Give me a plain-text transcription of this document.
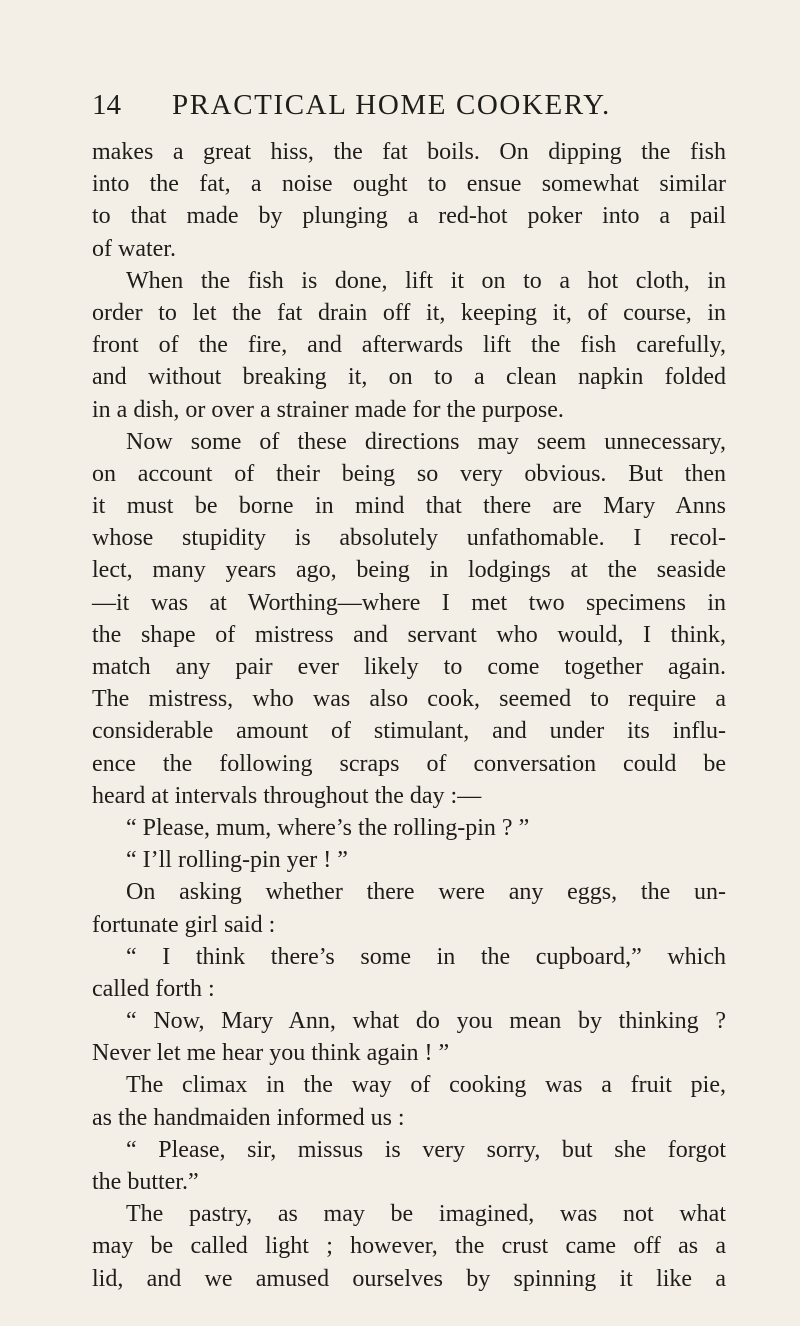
14 PRACTICAL HOME COOKERY.
makes a great hiss, the fat boils. On dipping the fish
into the fat, a noise ought to ensue somewhat similar
to that made by plunging a red-hot poker into a pail
of water.
When the fish is done, lift it on to a hot cloth, in
order to let the fat drain off it, keeping it, of course, in
front of the fire, and afterwards lift the fish carefully,
and without breaking it, on to a clean napkin folded
in a dish, or over a strainer made for the purpose.
Now some of these directions may seem unnecessary,
on account of their being so very obvious. But then
it must be borne in mind that there are Mary Anns
whose stupidity is absolutely unfathomable. I recol-
lect, many years ago, being in lodgings at the seaside
—it was at Worthing—where I met two specimens in
the shape of mistress and servant who would, I think,
match any pair ever likely to come together again.
The mistress, who was also cook, seemed to require a
considerable amount of stimulant, and under its influ-
ence the following scraps of conversation could be
heard at intervals throughout the day :—
“ Please, mum, where’s the rolling-pin ? ”
“ I’ll rolling-pin yer ! ”
On asking whether there were any eggs, the un-
fortunate girl said :
“ I think there’s some in the cupboard,” which
called forth :
“ Now, Mary Ann, what do you mean by thinking ?
Never let me hear you think again ! ”
The climax in the way of cooking was a fruit pie,
as the handmaiden informed us :
“ Please, sir, missus is very sorry, but she forgot
the butter.”
The pastry, as may be imagined, was not what
may be called light ; however, the crust came off as a
lid, and we amused ourselves by spinning it like a
